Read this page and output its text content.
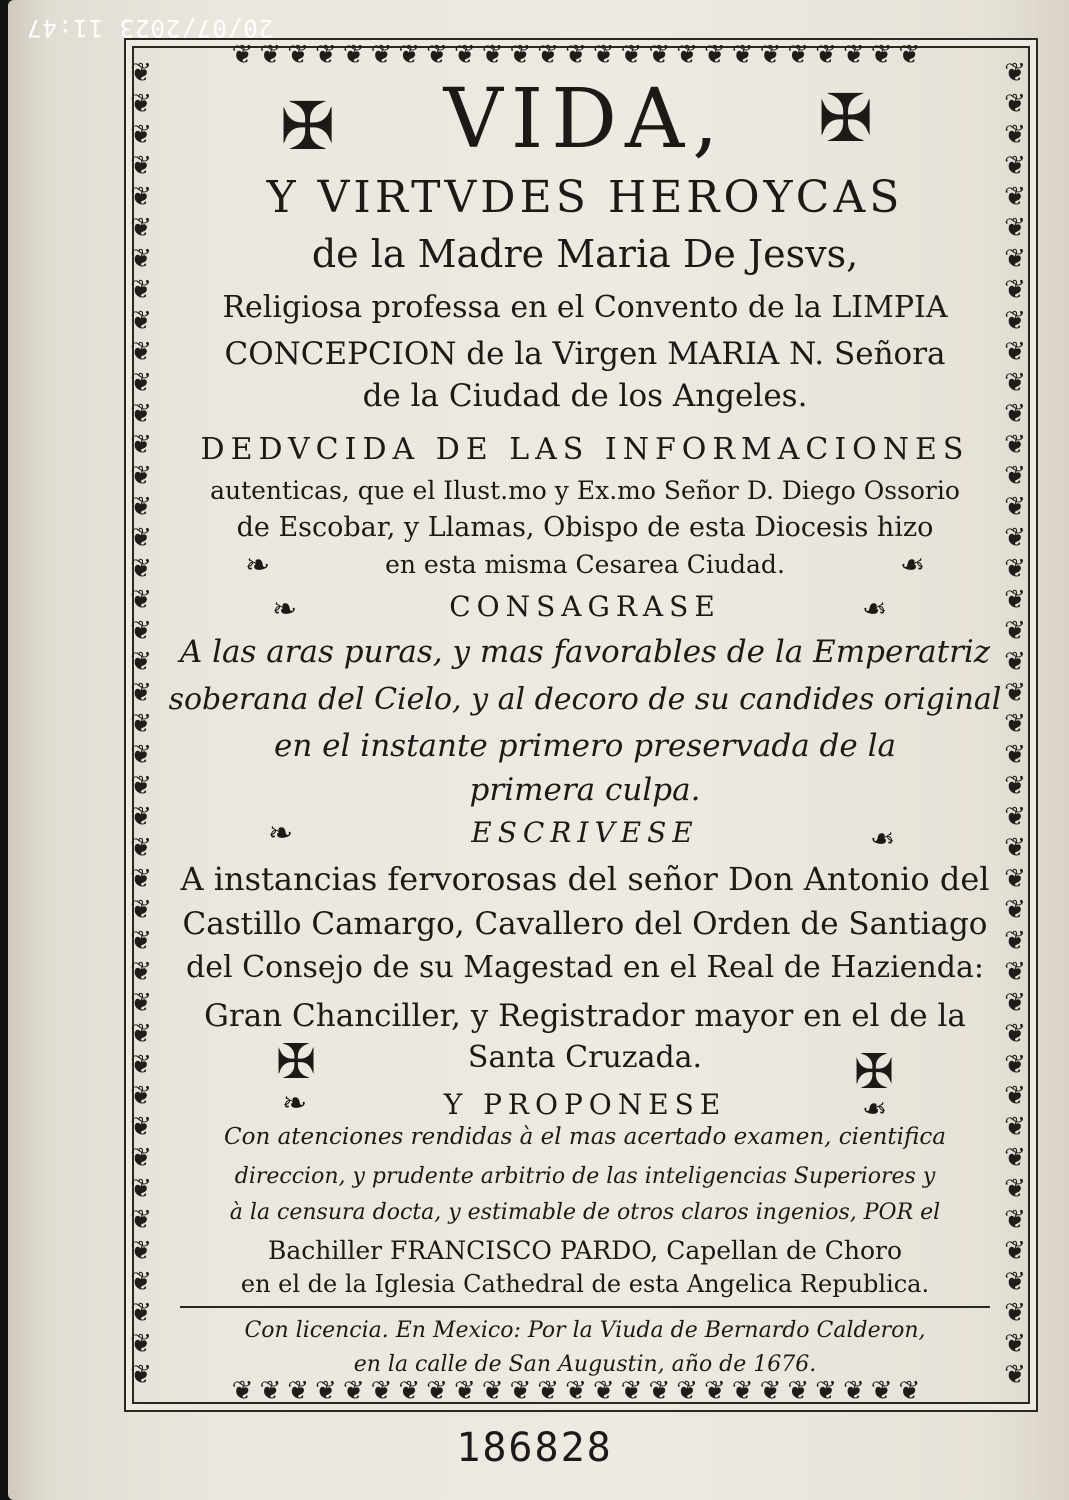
20/07/2023 11:47
❦❦❦❦❦❦❦❦❦❦❦❦❦❦❦❦❦❦❦❦❦❦❦❦❦
❦❦❦❦❦❦❦❦❦❦❦❦❦❦❦❦❦❦❦❦❦❦❦❦❦
❦❦❦❦❦❦❦❦❦❦❦❦❦❦❦❦❦❦❦❦❦❦❦❦❦❦❦❦❦❦❦❦❦❦❦❦❦❦❦❦❦❦❦
❦❦❦❦❦❦❦❦❦❦❦❦❦❦❦❦❦❦❦❦❦❦❦❦❦❦❦❦❦❦❦❦❦❦❦❦❦❦❦❦❦❦❦
✠	✠
VIDA,
Y VIRTVDES HEROYCAS
de la Madre Maria De Jesvs,
Religiosa professa en el Convento de la LIMPIA
CONCEPCION de la Virgen MARIA N. Señora
de la Ciudad de los Angeles.
DEDVCIDA DE LAS INFORMACIONES
autenticas, que el Ilust.mo y Ex.mo Señor D. Diego Ossorio
de Escobar, y Llamas, Obispo de esta Diocesis hizo
en esta misma Cesarea Ciudad.
❧	❧
CONSAGRASE
❧	❧
A las aras puras, y mas favorables de la Emperatriz
soberana del Cielo, y al decoro de su candides original
en el instante primero preservada de la
primera culpa.
ESCRIVESE
❧	❧
A instancias fervorosas del señor Don Antonio del
Castillo Camargo, Cavallero del Orden de Santiago
del Consejo de su Magestad en el Real de Hazienda:
Gran Chanciller, y Registrador mayor en el de la
Santa Cruzada.
✠	✠
Y PROPONESE
❧	❧
Con atenciones rendidas à el mas acertado examen, cientifica
direccion, y prudente arbitrio de las inteligencias Superiores y
à la censura docta, y estimable de otros claros ingenios, POR el
Bachiller FRANCISCO PARDO, Capellan de Choro
en el de la Iglesia Cathedral de esta Angelica Republica.
Con licencia. En Mexico: Por la Viuda de Bernardo Calderon,
en la calle de San Augustin, año de 1676.
186828
